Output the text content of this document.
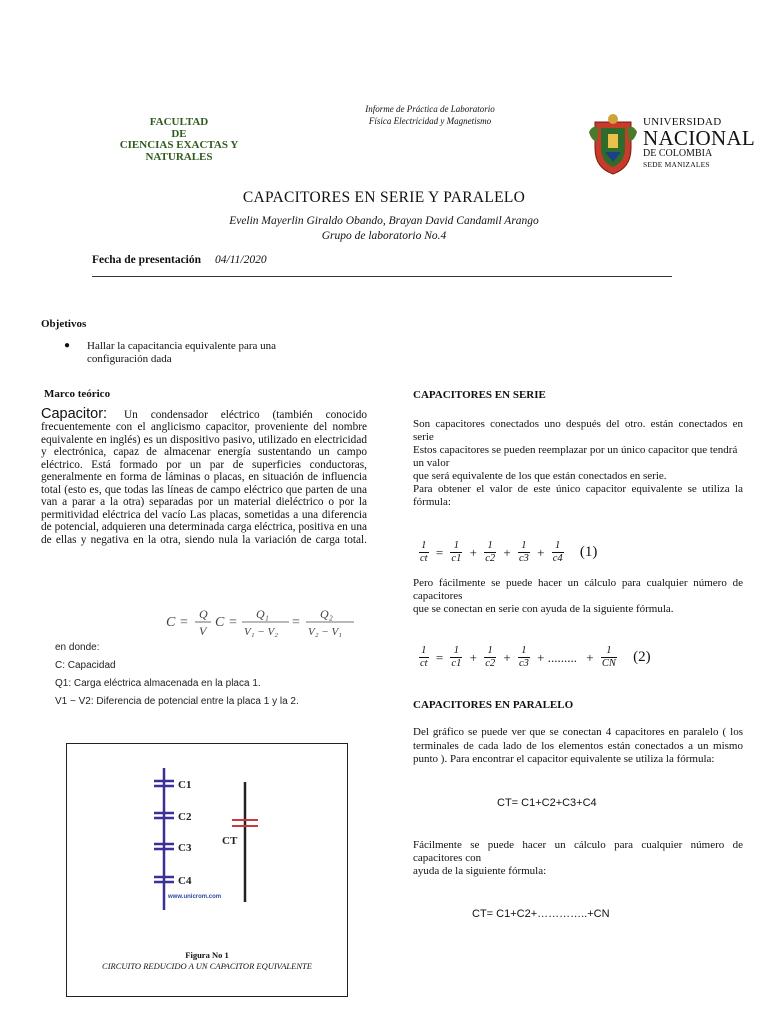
FACULTAD
DE
CIENCIAS EXACTAS Y
NATURALES
Informe de Práctica de Laboratorio
Física Electricidad y Magnetismo	UNIVERSIDAD
NACIONAL
DE COLOMBIA
SEDE MANIZALES
CAPACITORES EN SERIE Y PARALELO
Evelin Mayerlin Giraldo Obando, Brayan David Candamil Arango
Grupo de laboratorio No.4
Fecha de presentación 04/11/2020
Objetivos
● Hallar la capacitancia equivalente para una configuración dada
Marco teórico
Capacitor: Un condensador eléctrico (también conocido frecuentemente con el anglicismo capacitor, proveniente del nombre equivalente en inglés) es un dispositivo pasivo, utilizado en electricidad y electrónica, capaz de almacenar energía sustentando un campo eléctrico. Está formado por un par de superficies conductoras, generalmente en forma de láminas o placas, en situación de influencia total (esto es, que todas las líneas de campo eléctrico que parten de una van a parar a la otra) separadas por un material dieléctrico o por la permitividad eléctrica del vacío Las placas, sometidas a una diferencia de potencial, adquieren una determinada carga eléctrica, positiva en una de ellas y negativa en la otra, siendo nula la variación de carga total.
C =
Q
V
C =
Q₁
V₁ − V₂
=
Q₂
V₂ − V₁
en donde:
C: Capacidad
Q1: Carga eléctrica almacenada en la placa 1.
V1 − V2: Diferencia de potencial entre la placa 1 y la 2.
C1
C2
C3
C4
CT
www.unicrom.com
Figura No 1
CIRCUITO REDUCIDO A UN CAPACITOR EQUIVALENTE
CAPACITORES EN SERIE
Son capacitores conectados uno después del otro. están conectados en serie
Estos capacitores se pueden reemplazar por un único capacitor que tendrá un valor
que será equivalente de los que están conectados en serie.
Para obtener el valor de este único capacitor equivalente se utiliza la fórmula:
$\frac{1}{ct} = \frac{1}{c1} + \frac{1}{c2} + \frac{1}{c3} + \frac{1}{c4} (1)$
Pero fácilmente se puede hacer un cálculo para cualquier número de capacitores
que se conectan en serie con ayuda de la siguiente fórmula.
$\frac{1}{ct} = \frac{1}{c1} + \frac{1}{c2} + \frac{1}{c3}$ + ......... + $\frac{1}{CN} (2)$
CAPACITORES EN PARALELO
Del gráfico se puede ver que se conectan 4 capacitores en paralelo ( los terminales de cada lado de los elementos están conectados a un mismo punto ). Para encontrar el capacitor equivalente se utiliza la fórmula:
CT= C1+C2+C3+C4
Fácilmente se puede hacer un cálculo para cualquier número de capacitores con
ayuda de la siguiente fórmula:
CT= C1+C2+…………..+CN
